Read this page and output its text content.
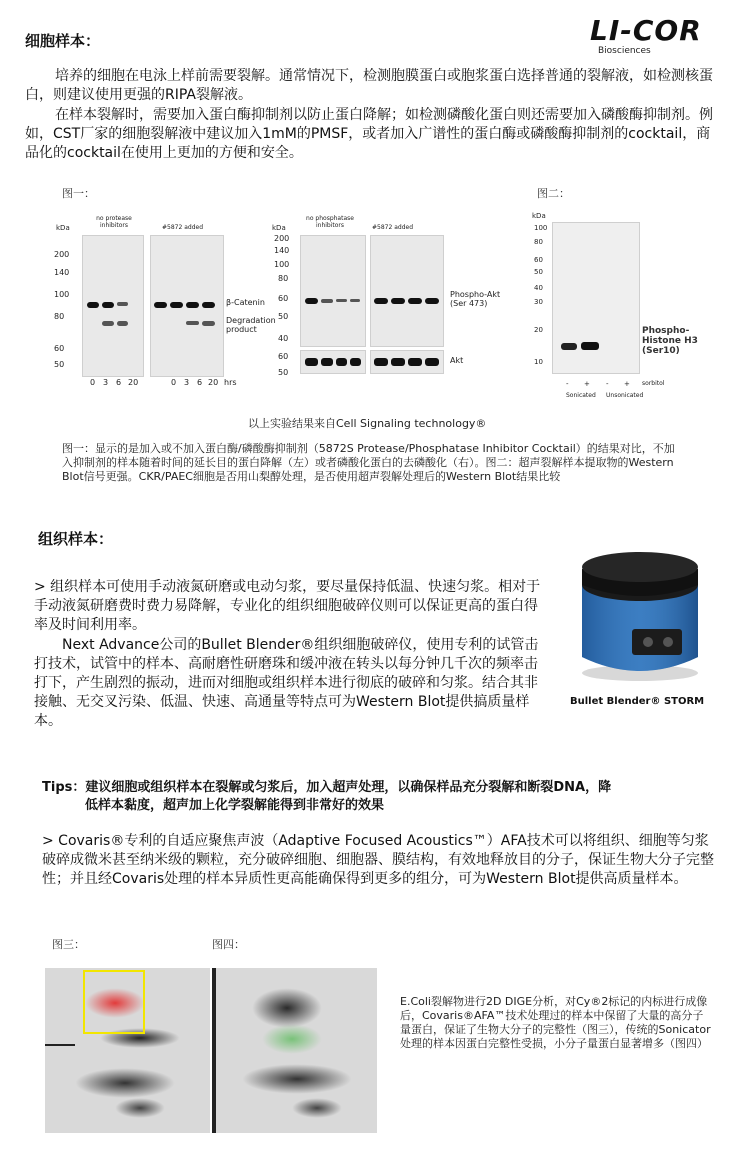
LI-COR
Biosciences
细胞样本：
培养的细胞在电泳上样前需要裂解。通常情况下，检测胞膜蛋白或胞浆蛋白选择普通的裂解液，如检测核蛋白，则建议使用更强的RIPA裂解液。
在样本裂解时，需要加入蛋白酶抑制剂以防止蛋白降解；如检测磷酸化蛋白则还需要加入磷酸酶抑制剂。例如，CST厂家的细胞裂解液中建议加入1mM的PMSF，或者加入广谱性的蛋白酶或磷酸酶抑制剂的cocktail，商品化的cocktail在使用上更加的方便和安全。
图一：	图二：
kDa
no protease inhibitors	#5872 added
200
140
100
80
60
50
β-Catenin
Degradation product
0 3 6 20	0 3 6 20 hrs
kDa
no phosphatase inhibitors	#5872 added
200
140
100
80
60
50
40
60
50
Phospho-Akt (Ser 473)
Akt
kDa
100
80
60
50
40
30
20
10
Phospho-Histone H3 (Ser10)
- + - + sorbitol
Sonicated Unsonicated
以上实验结果来自Cell Signaling technology®
图一：显示的是加入或不加入蛋白酶/磷酸酶抑制剂（5872S Protease/Phosphatase Inhibitor Cocktail）的结果对比，不加入抑制剂的样本随着时间的延长目的蛋白降解（左）或者磷酸化蛋白的去磷酸化（右）。图二：超声裂解样本提取物的Western Blot信号更强。CKR/PAEC细胞是否用山梨醇处理，是否使用超声裂解处理后的Western Blot结果比较
组织样本：
> 组织样本可使用手动液氮研磨或电动匀浆，要尽量保持低温、快速匀浆。相对于手动液氮研磨费时费力易降解，专业化的组织细胞破碎仪则可以保证更高的蛋白得率及时间利用率。
Next Advance公司的Bullet Blender®组织细胞破碎仪，使用专利的试管击打技术，试管中的样本、高耐磨性研磨珠和缓冲液在转头以每分钟几千次的频率击打下，产生剧烈的振动，进而对细胞或组织样本进行彻底的破碎和匀浆。结合其非接触、无交叉污染、低温、快速、高通量等特点可为Western Blot提供搞质量样本。
Bullet Blender® STORM
Tips：建议细胞或组织样本在裂解或匀浆后，加入超声处理，以确保样品充分裂解和断裂DNA，降
低样本黏度，超声加上化学裂解能得到非常好的效果
> Covaris®专利的自适应聚焦声波（Adaptive Focused Acoustics™）AFA技术可以将组织、细胞等匀浆破碎成微米甚至纳米级的颗粒，充分破碎细胞、细胞器、膜结构，有效地释放目的分子，保证生物大分子完整性；并且经Covaris处理的样本异质性更高能确保得到更多的组分，可为Western Blot提供高质量样本。
图三：	图四：
E.Coli裂解物进行2D DIGE分析，对Cy®2标记的内标进行成像后，Covaris®AFA™技术处理过的样本中保留了大量的高分子量蛋白，保证了生物大分子的完整性（图三），传统的Sonicator处理的样本因蛋白完整性受损，小分子量蛋白显著增多（图四）
